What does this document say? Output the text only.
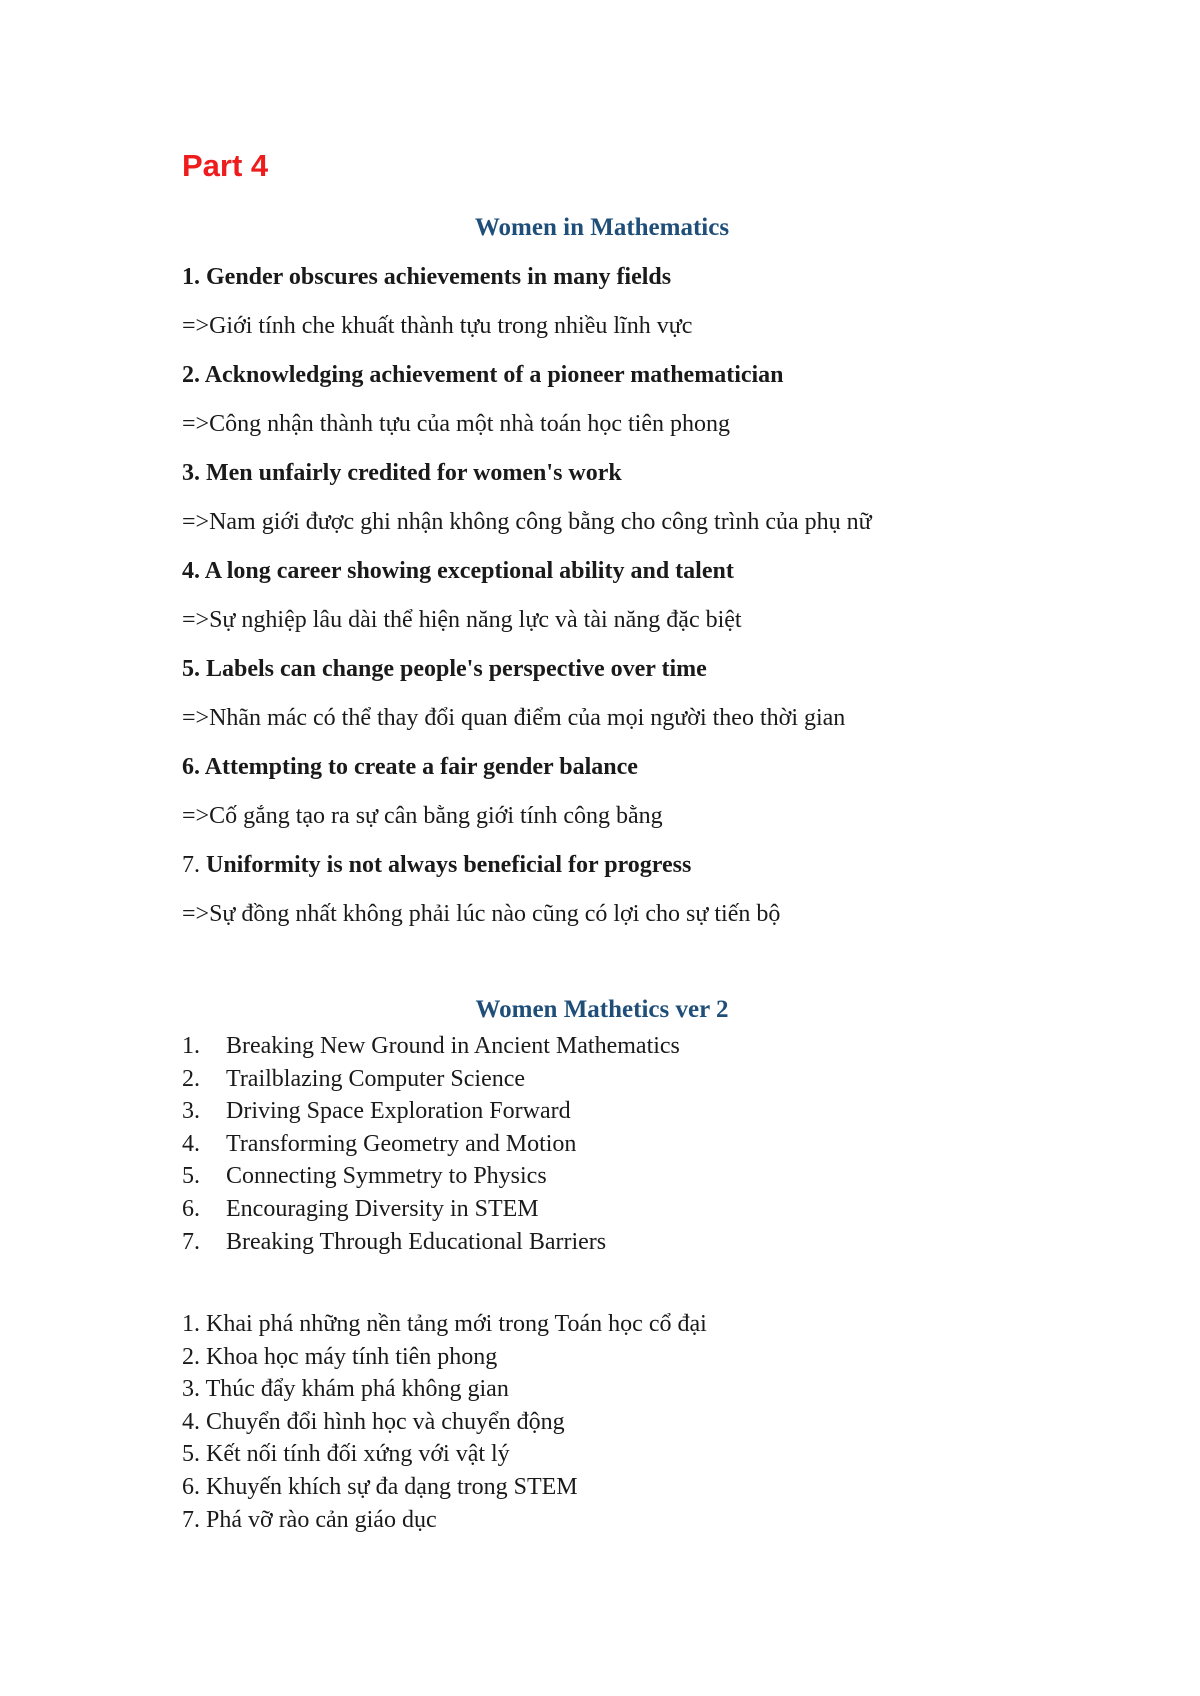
Part 4
Women in Mathematics
1. Gender obscures achievements in many fields
=>Giới tính che khuất thành tựu trong nhiều lĩnh vực
2. Acknowledging achievement of a pioneer mathematician
=>Công nhận thành tựu của một nhà toán học tiên phong
3. Men unfairly credited for women's work
=>Nam giới được ghi nhận không công bằng cho công trình của phụ nữ
4. A long career showing exceptional ability and talent
=>Sự nghiệp lâu dài thể hiện năng lực và tài năng đặc biệt
5. Labels can change people's perspective over time
=>Nhãn mác có thể thay đổi quan điểm của mọi người theo thời gian
6. Attempting to create a fair gender balance
=>Cố gắng tạo ra sự cân bằng giới tính công bằng
7. Uniformity is not always beneficial for progress
=>Sự đồng nhất không phải lúc nào cũng có lợi cho sự tiến bộ
Women Mathetics ver 2
1.	Breaking New Ground in Ancient Mathematics
2.	Trailblazing Computer Science
3.	Driving Space Exploration Forward
4.	Transforming Geometry and Motion
5.	Connecting Symmetry to Physics
6.	Encouraging Diversity in STEM
7.	Breaking Through Educational Barriers
1. Khai phá những nền tảng mới trong Toán học cổ đại
2. Khoa học máy tính tiên phong
3. Thúc đẩy khám phá không gian
4. Chuyển đổi hình học và chuyển động
5. Kết nối tính đối xứng với vật lý
6. Khuyến khích sự đa dạng trong STEM
7. Phá vỡ rào cản giáo dục
